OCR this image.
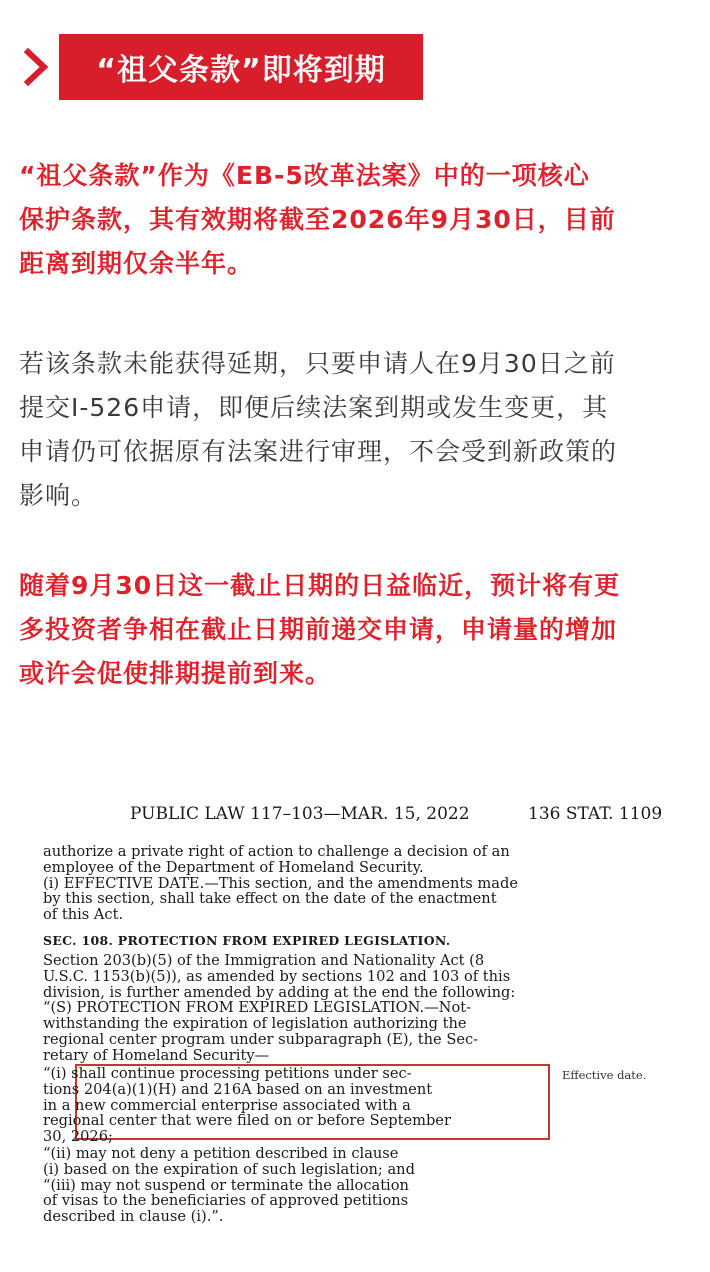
“祖父条款”即将到期

“祖父条款”作为《EB-5改革法案》中的一项核心
保护条款，其有效期将截至2026年9月30日，目前
距离到期仅余半年。

若该条款未能获得延期，只要申请人在9月30日之前
提交I-526申请，即便后续法案到期或发生变更，其
申请仍可依据原有法案进行审理，不会受到新政策的
影响。

随着9月30日这一截止日期的日益临近，预计将有更
多投资者争相在截止日期前递交申请，申请量的增加
或许会促使排期提前到来。

PUBLIC LAW 117–103—MAR. 15, 2022	136 STAT. 1109

authorize a private right of action to challenge a decision of an
employee of the Department of Homeland Security.
(i) EFFECTIVE DATE.—This section, and the amendments made
by this section, shall take effect on the date of the enactment
of this Act.

SEC. 108. PROTECTION FROM EXPIRED LEGISLATION.

Section 203(b)(5) of the Immigration and Nationality Act (8
U.S.C. 1153(b)(5)), as amended by sections 102 and 103 of this
division, is further amended by adding at the end the following:
“(S) PROTECTION FROM EXPIRED LEGISLATION.—Not-
withstanding the expiration of legislation authorizing the
regional center program under subparagraph (E), the Sec-
retary of Homeland Security—

“(i) shall continue processing petitions under sec-
tions 204(a)(1)(H) and 216A based on an investment
in a new commercial enterprise associated with a
regional center that were filed on or before September
30, 2026;

Effective date.

“(ii) may not deny a petition described in clause
(i) based on the expiration of such legislation; and
“(iii) may not suspend or terminate the allocation
of visas to the beneficiaries of approved petitions
described in clause (i).”.
